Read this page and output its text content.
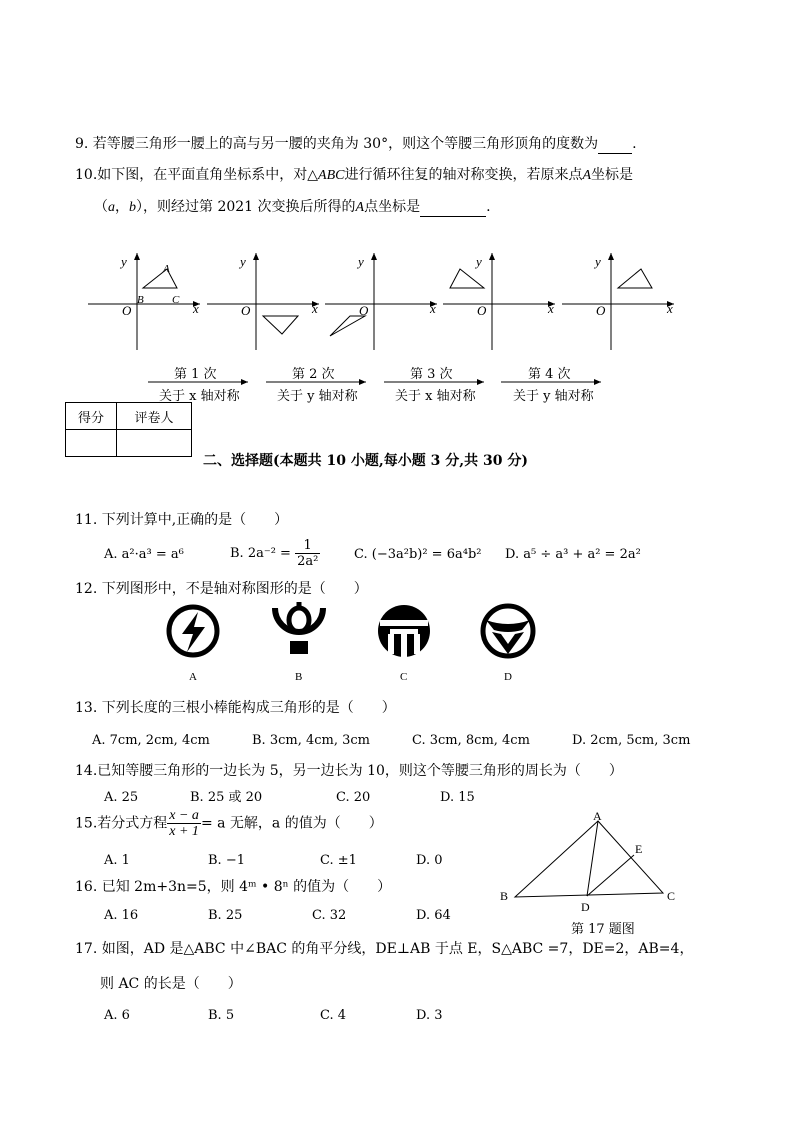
9. 若等腰三角形一腰上的高与另一腰的夹角为 30°，则这个等腰三角形顶角的度数为 .
10.如下图，在平面直角坐标系中，对△ABC进行循环往复的轴对称变换，若原来点A坐标是
（a，b），则经过第 2021 次变换后所得的A点坐标是	.
y
x
O
A
B	C
y
x
O
y
x
O
y
x
O
y
x
O
第 1 次
关于 x 轴对称
第 2 次
关于 y 轴对称
第 3 次
关于 x 轴对称
第 4 次
关于 y 轴对称
得分	评卷人

二、选择题(本题共 10 小题,每小题 3 分,共 30 分)
11. 下列计算中,正确的是（　　）
A. a²·a³ = a⁶	B. $2a^{-2} = \frac{1}{\text{2a²}}$	C. (−3a²b)² = 6a⁴b² D. a⁵ ÷ a³ + a² = 2a²
12. 下列图形中，不是轴对称图形的是（　　）
A	B	C	D
13. 下列长度的三根小棒能构成三角形的是（　　）
A. 7cm, 2cm, 4cm	B. 3cm, 4cm, 3cm	C. 3cm, 8cm, 4cm	D. 2cm, 5cm, 3cm
14.已知等腰三角形的一边长为 5，另一边长为 10，则这个等腰三角形的周长为（　　）
A. 25	B. 25 或 20	C. 20	D. 15
15.若分式方程 $\frac{x - a}{x + 1} = a$ 无解，a 的值为（　　）
A. 1	B. −1	C. ±1	D. 0
16. 已知 2m+3n=5，则 4ᵐ • 8ⁿ 的值为（　　）
A. 16	B. 25	C. 32	D. 64
A
B	C
D
E
第 17 题图
17. 如图，AD 是△ABC 中∠BAC 的角平分线，DE⊥AB 于点 E，S△ABC =7，DE=2，AB=4，
则 AC 的长是（　　）
A. 6	B. 5	C. 4	D. 3
